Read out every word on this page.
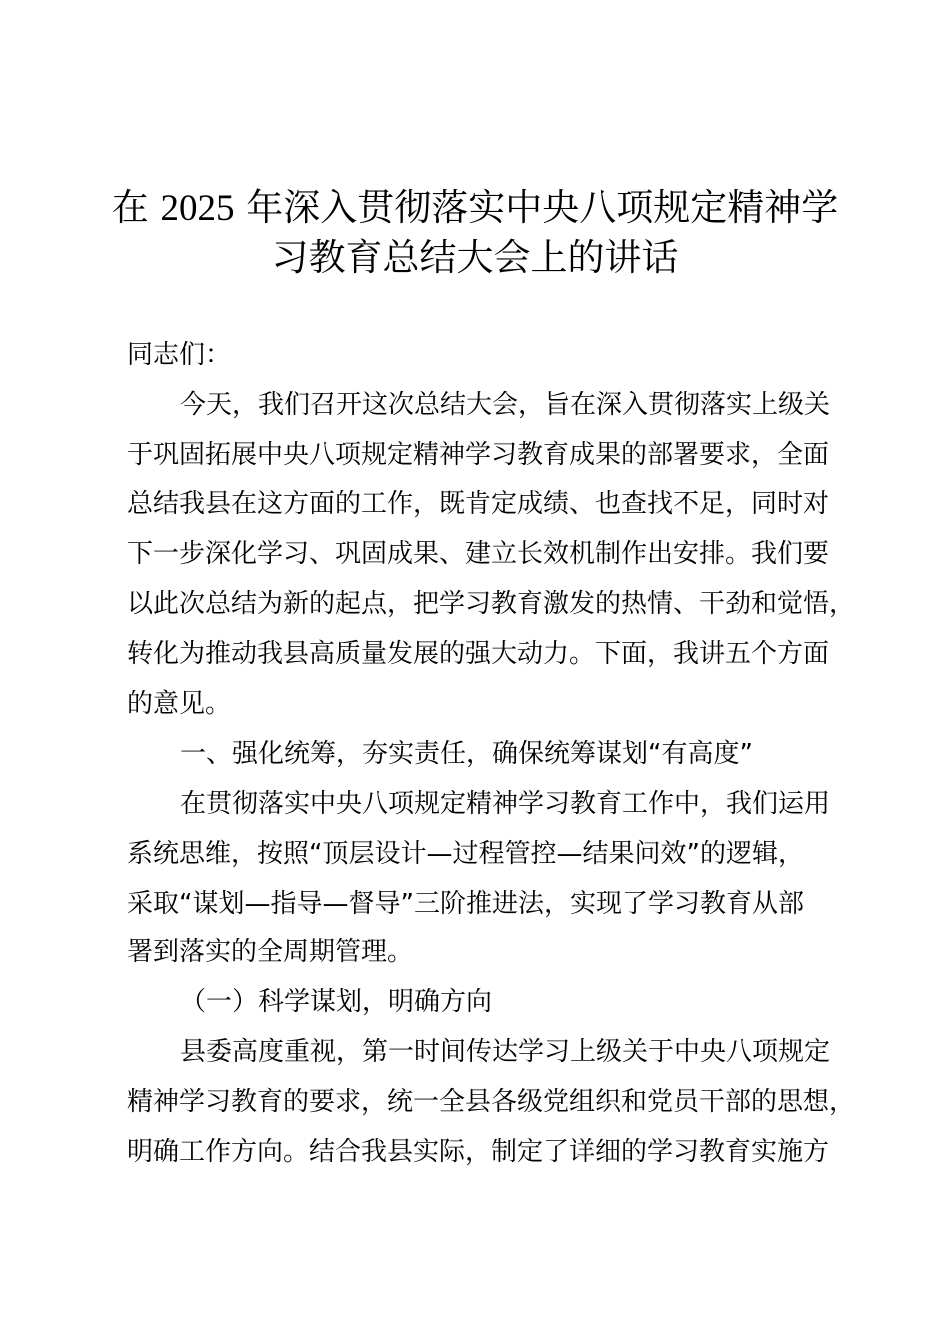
在 2025 年深入贯彻落实中央八项规定精神学
习教育总结大会上的讲话
同志们：
今天，我们召开这次总结大会，旨在深入贯彻落实上级关
于巩固拓展中央八项规定精神学习教育成果的部署要求，全面
总结我县在这方面的工作，既肯定成绩、也查找不足，同时对
下一步深化学习、巩固成果、建立长效机制作出安排。我们要
以此次总结为新的起点，把学习教育激发的热情、干劲和觉悟，
转化为推动我县高质量发展的强大动力。下面，我讲五个方面
的意见。
一、强化统筹，夯实责任，确保统筹谋划“有高度”
在贯彻落实中央八项规定精神学习教育工作中，我们运用
系统思维，按照“顶层设计—过程管控—结果问效”的逻辑，
采取“谋划—指导—督导”三阶推进法，实现了学习教育从部
署到落实的全周期管理。
（一）科学谋划，明确方向
县委高度重视，第一时间传达学习上级关于中央八项规定
精神学习教育的要求，统一全县各级党组织和党员干部的思想，
明确工作方向。结合我县实际，制定了详细的学习教育实施方
